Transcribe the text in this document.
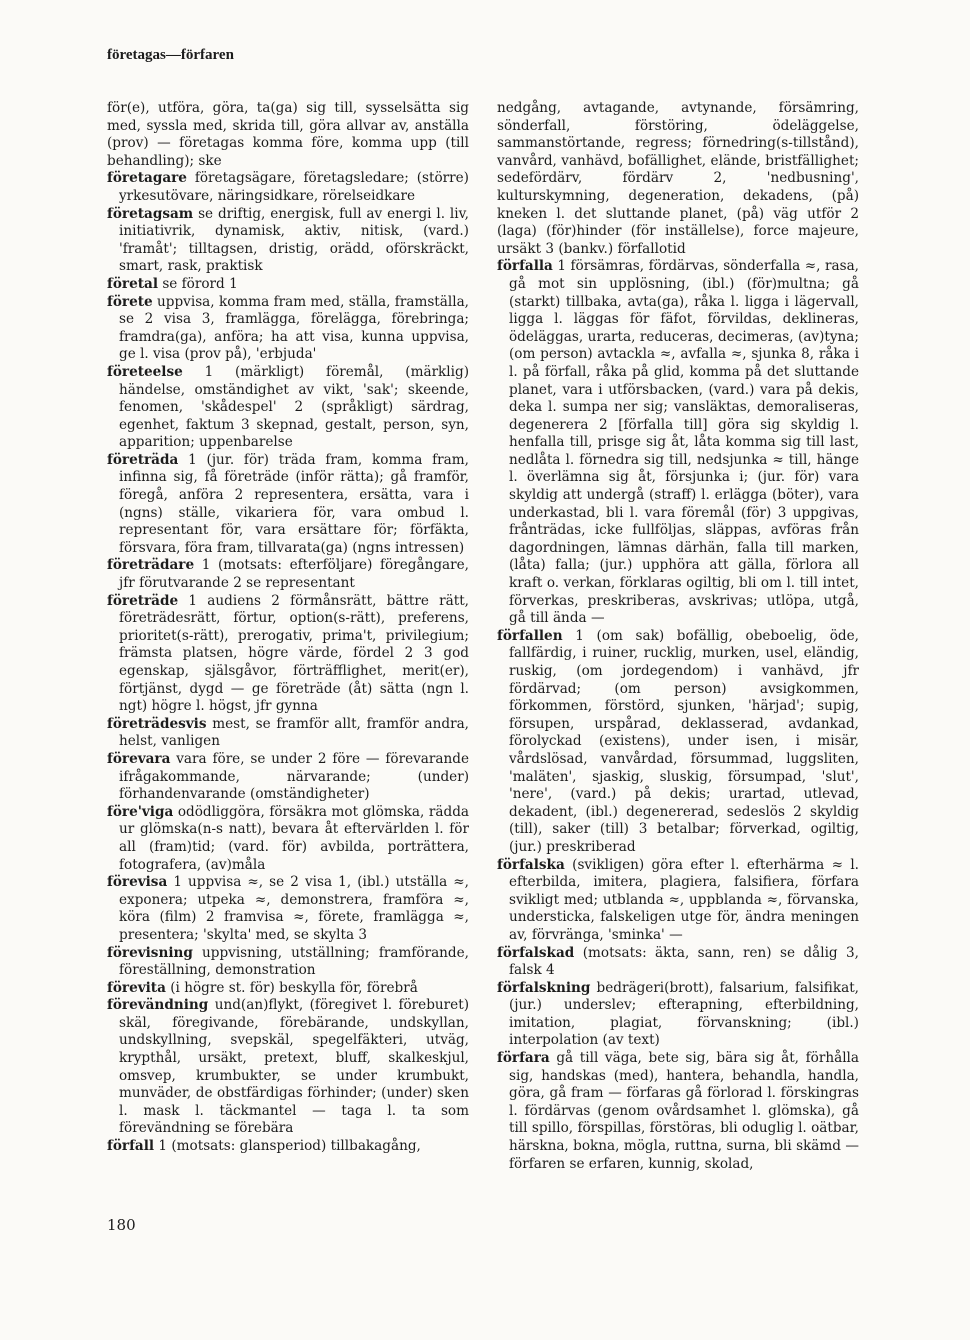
företagas—förfaren

för(e), utföra, göra, ta(ga) sig till, sysselsätta sig med, syssla med, skrida till, göra allvar av, anställa (prov) — företagas komma före, komma upp (till behandling); ske

företagare företagsägare, företagsledare; (större) yrkesutövare, näringsidkare, rörelseidkare

företagsam se driftig, energisk, full av energi l. liv, initiativrik, dynamisk, aktiv, nitisk, (vard.) 'framåt'; tilltagsen, dristig, orädd, oförskräckt, smart, rask, praktisk

företal se förord 1

förete uppvisa, komma fram med, ställa, framställa, se 2 visa 3, framlägga, förelägga, förebringa; framdra(ga), anföra; ha att visa, kunna uppvisa, ge l. visa (prov på), 'erbjuda'

företeelse 1 (märkligt) föremål, (märklig) händelse, omständighet av vikt, 'sak'; skeende, fenomen, 'skådespel' 2 (språkligt) särdrag, egenhet, faktum 3 skepnad, gestalt, person, syn, apparition; uppenbarelse

företräda 1 (jur. för) träda fram, komma fram, infinna sig, få företräde (inför rätta); gå framför, föregå, anföra 2 representera, ersätta, vara i (ngns) ställe, vikariera för, vara ombud l. representant för, vara ersättare för; förfäkta, försvara, föra fram, tillvaratа(ga) (ngns intressen)

företrädare 1 (motsats: efterföljare) föregångare, jfr förutvarande 2 se representant

företräde 1 audiens 2 förmånsrätt, bättre rätt, företrädesrätt, förtur, option(s-rätt), preferens, prioritet(s-rätt), prerogativ, prima't, privilegium; främsta platsen, högre värde, fördel 2 3 god egenskap, själsgåvor, förträfflighet, merit(er), förtjänst, dygd — ge företräde (åt) sätta (ngn l. ngt) högre l. högst, jfr gynna

företrädesvis mest, se framför allt, framför andra, helst, vanligen

förevara vara före, se under 2 före — förevarande ifrågakommande, närvarande; (under) förhandenvarande (omständigheter)

före'viga odödliggöra, försäkra mot glömska, rädda ur glömska(n-s natt), bevara åt eftervärlden l. för all (fram)tid; (vard. för) avbilda, porträttera, fotografera, (av)måla

förevisa 1 uppvisa ≈, se 2 visa 1, (ibl.) utställa ≈, exponera; utpeka ≈, demonstrera, framföra ≈, köra (film) 2 framvisa ≈, förete, framlägga ≈, presentera; 'skylta' med, se skylta 3

förevisning uppvisning, utställning; framförande, föreställning, demonstration

förevita (i högre st. för) beskylla för, förebrå

förevändning und(an)flykt, (föregivet l. föreburet) skäl, föregivande, förebärande, undskyllan, undskyllning, svepskäl, spegelfäkteri, utväg, krypthål, ursäkt, pretext, bluff, skalkeskjul, omsvep, krumbukter, se under krumbukt, munväder, de obstfärdigas förhinder; (under) sken l. mask l. täckmantel — taga l. ta som förevändning se förebära

förfall 1 (motsats: glansperiod) tillbakagång,

nedgång, avtagande, avtynande, försämring, sönderfall, förstöring, ödeläggelse, sammanstörtande, regress; förnedring(s-tillstånd), vanvård, vanhävd, bofällighet, elände, bristfällighet; sedefördärv, fördärv 2, 'nedbusning', kulturskymning, degeneration, dekadens, (på) kneken l. det sluttande planet, (på) väg utför 2 (laga) (för)hinder (för inställelse), force majeure, ursäkt 3 (bankv.) förfallotid

förfalla 1 försämras, fördärvas, sönderfalla ≈, rasa, gå mot sin upplösning, (ibl.) (för)multna; gå (starkt) tillbaka, avta(ga), råka l. ligga i lägervall, ligga l. läggas för fäfot, förvildas, deklineras, ödeläggas, urarta, reduceras, decimeras, (av)tyna; (om person) avtackla ≈, avfalla ≈, sjunka 8, råka i l. på förfall, råka på glid, komma på det sluttande planet, vara i utförsbacken, (vard.) vara på dekis, deka l. sumpa ner sig; vansläktas, demoraliseras, degenerera 2 [förfalla till] göra sig skyldig l. henfalla till, prisge sig åt, låta komma sig till last, nedlåta l. förnedra sig till, nedsjunka ≈ till, hänge l. överlämna sig åt, försjunka i; (jur. för) vara skyldig att undergå (straff) l. erlägga (böter), vara underkastad, bli l. vara föremål (för) 3 uppgivas, frånträdas, icke fullföljas, släppas, avföras från dagordningen, lämnas därhän, falla till marken, (låta) falla; (jur.) upphöra att gälla, förlora all kraft o. verkan, förklaras ogiltig, bli om l. till intet, förverkas, preskriberas, avskrivas; utlöpa, utgå, gå till ända —

förfallen 1 (om sak) bofällig, obeboelig, öde, fallfärdig, i ruiner, rucklig, murken, usel, eländig, ruskig, (om jordegendom) i vanhävd, jfr fördärvad; (om person) avsigkommen, förkommen, förstörd, sjunken, 'härjad'; supig, försupen, urspårad, deklasserad, avdankad, förolyckad (existens), under isen, i misär, vårdslösad, vanvårdad, försummad, luggsliten, 'maläten', sjaskig, sluskig, försumpad, 'slut', 'nere', (vard.) på dekis; urartad, utlevad, dekadent, (ibl.) degenererad, sedeslös 2 skyldig (till), saker (till) 3 betalbar; förverkad, ogiltig, (jur.) preskriberad

förfalska (svikligen) göra efter l. efterhärma ≈ l. efterbilda, imitera, plagiera, falsifiera, förfara svikligt med; utblanda ≈, uppblanda ≈, förvanska, understicka, falskeligen utge för, ändra meningen av, förvränga, 'sminka' —

förfalskad (motsats: äkta, sann, ren) se dålig 3, falsk 4

förfalskning bedrägeri(brott), falsarium, falsifikat, (jur.) underslev; efterapning, efterbildning, imitation, plagiat, förvanskning; (ibl.) interpolation (av text)

förfara gå till väga, bete sig, bära sig åt, förhålla sig, handskas (med), hantera, behandla, handla, göra, gå fram — förfaras gå förlorad l. förskingras l. fördärvas (genom ovårdsamhet l. glömska), gå till spillo, förspillas, förstöras, bli oduglig l. oätbar, härskna, bokna, mögla, ruttna, surna, bli skämd — förfaren se erfaren, kunnig, skolad,

180
